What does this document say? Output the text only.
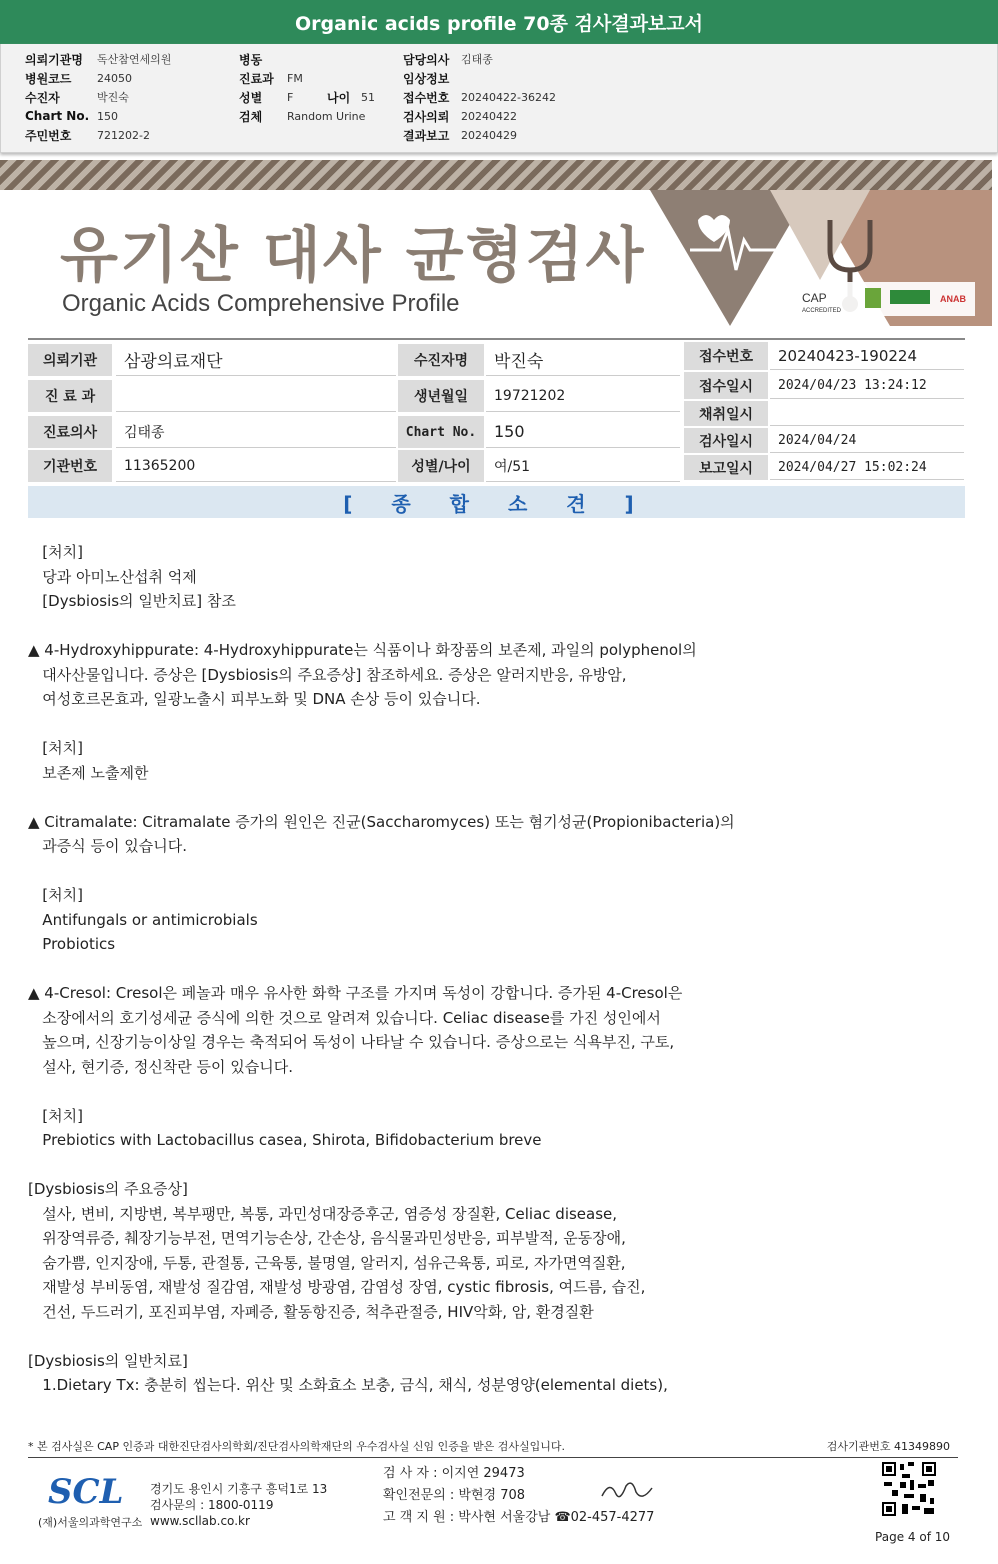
Organic acids profile 70종 검사결과보고서
의뢰기관명	독산참연세의원
병원코드	24050
수진자	박진숙
Chart No. 150
주민번호	721202-2
병동
진료과	FM
성별	F	나이 51
검체	Random Urine
담당의사	김태종
임상정보
접수번호	20240422-36242
검사의뢰	20240422
결과보고	20240429
유기산 대사 균형검사
Organic Acids Comprehensive Profile	CAP
ACCREDITED
ANAB
의뢰기관	삼광의료재단
진 료 과
진료의사	김태종
기관번호	11365200
수진자명	박진숙
생년월일	19721202
Chart No.	150
성별/나이	여/51
접수번호	20240423-190224
접수일시	2024/04/23 13:24:12
채취일시
검사일시	2024/04/24
보고일시	2024/04/27 15:02:24
[ 종 합 소 견 ]

[처치]

당과 아미노산섭취 억제

[Dysbiosis의 일반치료] 참조

▲ 4-Hydroxyhippurate: 4-Hydroxyhippurate는 식품이나 화장품의 보존제, 과일의 polyphenol의

대사산물입니다. 증상은 [Dysbiosis의 주요증상] 참조하세요. 증상은 알러지반응, 유방암,

여성호르몬효과, 일광노출시 피부노화 및 DNA 손상 등이 있습니다.

[처치]

보존제 노출제한

▲ Citramalate: Citramalate 증가의 원인은 진균(Saccharomyces) 또는 혐기성균(Propionibacteria)의

과증식 등이 있습니다.

[처치]

Antifungals or antimicrobials

Probiotics

▲ 4-Cresol: Cresol은 페놀과 매우 유사한 화학 구조를 가지며 독성이 강합니다. 증가된 4-Cresol은

소장에서의 호기성세균 증식에 의한 것으로 알려져 있습니다. Celiac disease를 가진 성인에서

높으며, 신장기능이상일 경우는 축적되어 독성이 나타날 수 있습니다. 증상으로는 식욕부진, 구토,

설사, 현기증, 정신착란 등이 있습니다.

[처치]

Prebiotics with Lactobacillus casea, Shirota, Bifidobacterium breve

[Dysbiosis의 주요증상]

설사, 변비, 지방변, 복부팽만, 복통, 과민성대장증후군, 염증성 장질환, Celiac disease,

위장역류증, 췌장기능부전, 면역기능손상, 간손상, 음식물과민성반응, 피부발적, 운동장애,

숨가쁨, 인지장애, 두통, 관절통, 근육통, 불명열, 알러지, 섬유근육통, 피로, 자가면역질환,

재발성 부비동염, 재발성 질감염, 재발성 방광염, 감염성 장염, cystic fibrosis, 여드름, 습진,

건선, 두드러기, 포진피부염, 자폐증, 활동항진증, 척추관절증, HIV악화, 암, 환경질환

[Dysbiosis의 일반치료]

1.Dietary Tx: 충분히 씹는다. 위산 및 소화효소 보충, 금식, 채식, 성분영양(elemental diets),

* 본 검사실은 CAP 인증과 대한진단검사의학회/진단검사의학재단의 우수검사실 신임 인증을 받은 검사실입니다.	검사기관번호 41349890
SCL
(재)서울의과학연구소
경기도 용인시 기흥구 흥덕1로 13
검사문의 : 1800-0119
www.scllab.co.kr
검 사 자 : 이지연 29473
확인전문의 : 박현경 708
고 객 지 원 : 박사현 서울강남 ☎02-457-4277
Page 4 of 10
